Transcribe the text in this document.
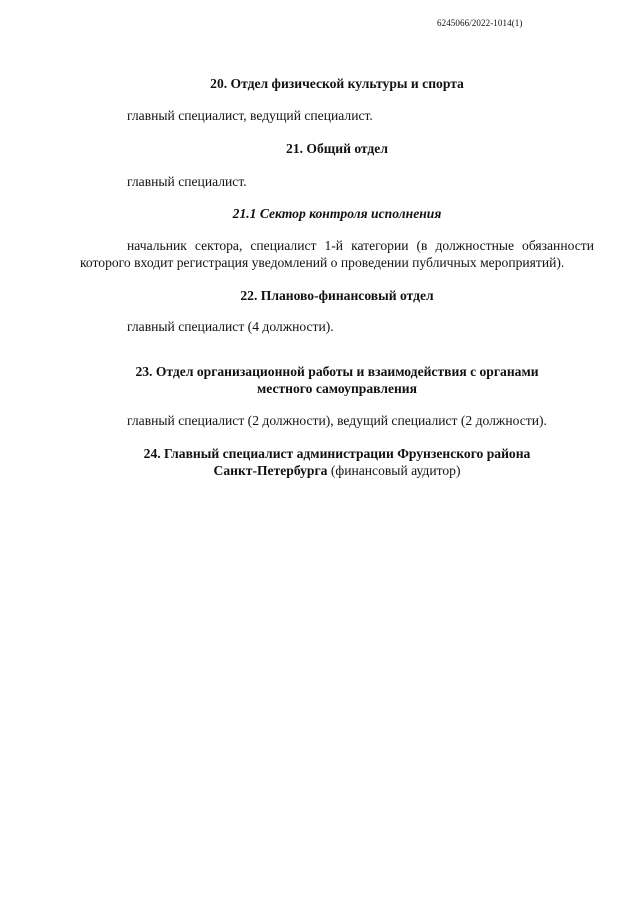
6245066/2022-1014(1)
20. Отдел физической культуры и спорта
главный специалист, ведущий специалист.
21. Общий отдел
главный специалист.
21.1 Сектор контроля исполнения
начальник сектора, специалист 1-й категории (в должностные обязанности которого входит регистрация уведомлений о проведении публичных мероприятий).
22. Планово-финансовый отдел
главный специалист (4 должности).
23. Отдел организационной работы и взаимодействия с органами
местного самоуправления
главный специалист (2 должности), ведущий специалист (2 должности).
24. Главный специалист администрации Фрунзенского района
Санкт-Петербурга (финансовый аудитор)
